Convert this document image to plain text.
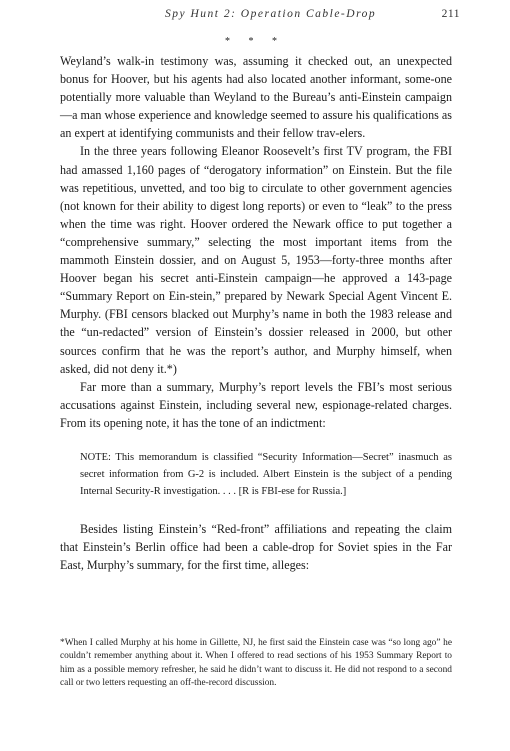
Spy Hunt 2: Operation Cable-Drop	211
* * *

Weyland’s walk-in testimony was, assuming it checked out, an unexpected bonus for Hoover, but his agents had also located another informant, some-one potentially more valuable than Weyland to the Bureau’s anti-Einstein campaign—a man whose experience and knowledge seemed to assure his qualifications as an expert at identifying communists and their fellow trav-elers.

In the three years following Eleanor Roosevelt’s first TV program, the FBI had amassed 1,160 pages of “derogatory information” on Einstein. But the file was repetitious, unvetted, and too big to circulate to other government agencies (not known for their ability to digest long reports) or even to “leak” to the press when the time was right. Hoover ordered the Newark office to put together a “comprehensive summary,” selecting the most important items from the mammoth Einstein dossier, and on August 5, 1953—forty-three months after Hoover began his secret anti-Einstein campaign—he approved a 143-page “Summary Report on Ein-stein,” prepared by Newark Special Agent Vincent E. Murphy. (FBI censors blacked out Murphy’s name in both the 1983 release and the “un-redacted” version of Einstein’s dossier released in 2000, but other sources confirm that he was the report’s author, and Murphy himself, when asked, did not deny it.*)

Far more than a summary, Murphy’s report levels the FBI’s most serious accusations against Einstein, including several new, espionage-related charges. From its opening note, it has the tone of an indictment:

NOTE: This memorandum is classified “Security Information—Secret” inasmuch as secret information from G-2 is included. Albert Einstein is the subject of a pending Internal Security-R investigation. . . . [R is FBI-ese for Russia.]

Besides listing Einstein’s “Red-front” affiliations and repeating the claim that Einstein’s Berlin office had been a cable-drop for Soviet spies in the Far East, Murphy’s summary, for the first time, alleges:

*When I called Murphy at his home in Gillette, NJ, he first said the Einstein case was “so long ago” he couldn’t remember anything about it. When I offered to read sections of his 1953 Summary Report to him as a possible memory refresher, he said he didn’t want to discuss it. He did not respond to a second call or two letters requesting an off-the-record discussion.
